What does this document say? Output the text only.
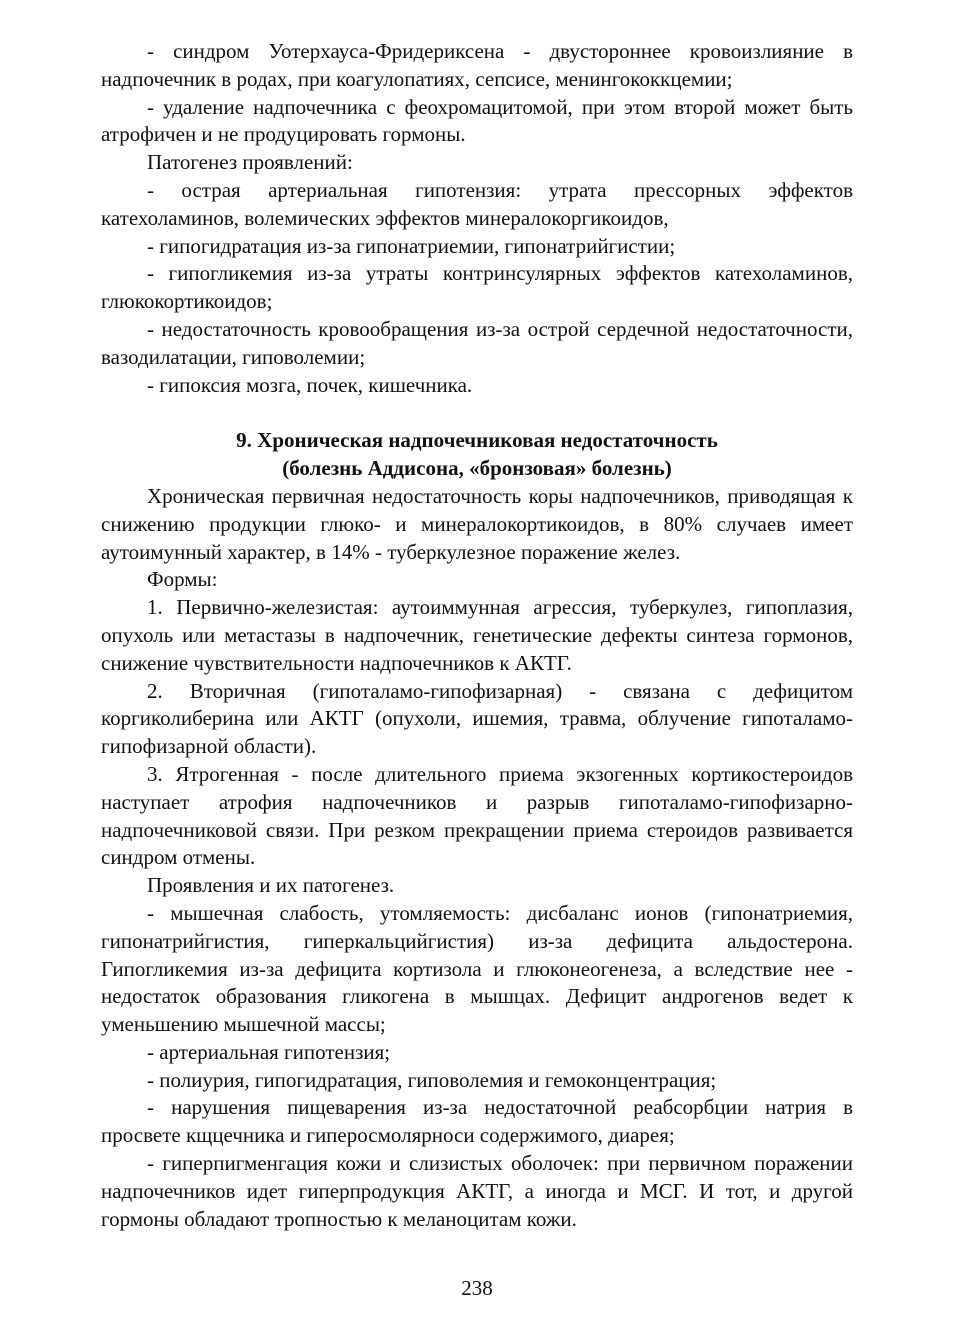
- синдром Уотерхауса-Фридериксена - двустороннее кровоизлияние в надпочечник в родах, при коагулопатиях, сепсисе, менингококкцемии;

- удаление надпочечника с феохромацитомой, при этом второй может быть атрофичен и не продуцировать гормоны.

Патогенез проявлений:

- острая артериальная гипотензия: утрата прессорных эффектов катехоламинов, волемических эффектов минералокоргикоидов,

- гипогидратация из-за гипонатриемии, гипонатрийгистии;

- гипогликемия из-за утраты контринсулярных эффектов катехоламинов, глюкокортикоидов;

- недостаточность кровообращения из-за острой сердечной недостаточности, вазодилатации, гиповолемии;

- гипоксия мозга, почек, кишечника.

9. Хроническая надпочечниковая недостаточность
(болезнь Аддисона, «бронзовая» болезнь)

Хроническая первичная недостаточность коры надпочечников, приводящая к снижению продукции глюко- и минералокортикоидов, в 80% случаев имеет аутоимунный характер, в 14% - туберкулезное поражение желез.

Формы:

1. Первично-железистая: аутоиммунная агрессия, туберкулез, гипоплазия, опухоль или метастазы в надпочечник, генетические дефекты синтеза гормонов, снижение чувствительности надпочечников к АКТГ.

2. Вторичная (гипоталамо-гипофизарная) - связана с дефицитом коргиколиберина или АКТГ (опухоли, ишемия, травма, облучение гипоталамо-гипофизарной области).

3. Ятрогенная - после длительного приема экзогенных кортикостероидов наступает атрофия надпочечников и разрыв гипоталамо-гипофизарно-надпочечниковой связи. При резком прекращении приема стероидов развивается синдром отмены.

Проявления и их патогенез.

- мышечная слабость, утомляемость: дисбаланс ионов (гипонатриемия, гипонатрийгистия, гиперкальцийгистия) из-за дефицита альдостерона. Гипогликемия из-за дефицита кортизола и глюконеогенеза, а вследствие нее - недостаток образования гликогена в мышцах. Дефицит андрогенов ведет к уменьшению мышечной массы;

- артериальная гипотензия;

- полиурия, гипогидратация, гиповолемия и гемоконцентрация;

- нарушения пищеварения из-за недостаточной реабсорбции натрия в просвете кщцечника и гиперосмолярноси содержимого, диарея;

- гиперпигменгация кожи и слизистых оболочек: при первичном поражении надпочечников идет гиперпродукция АКТГ, а иногда и МСГ. И тот, и другой гормоны обладают тропностью к меланоцитам кожи.

238
